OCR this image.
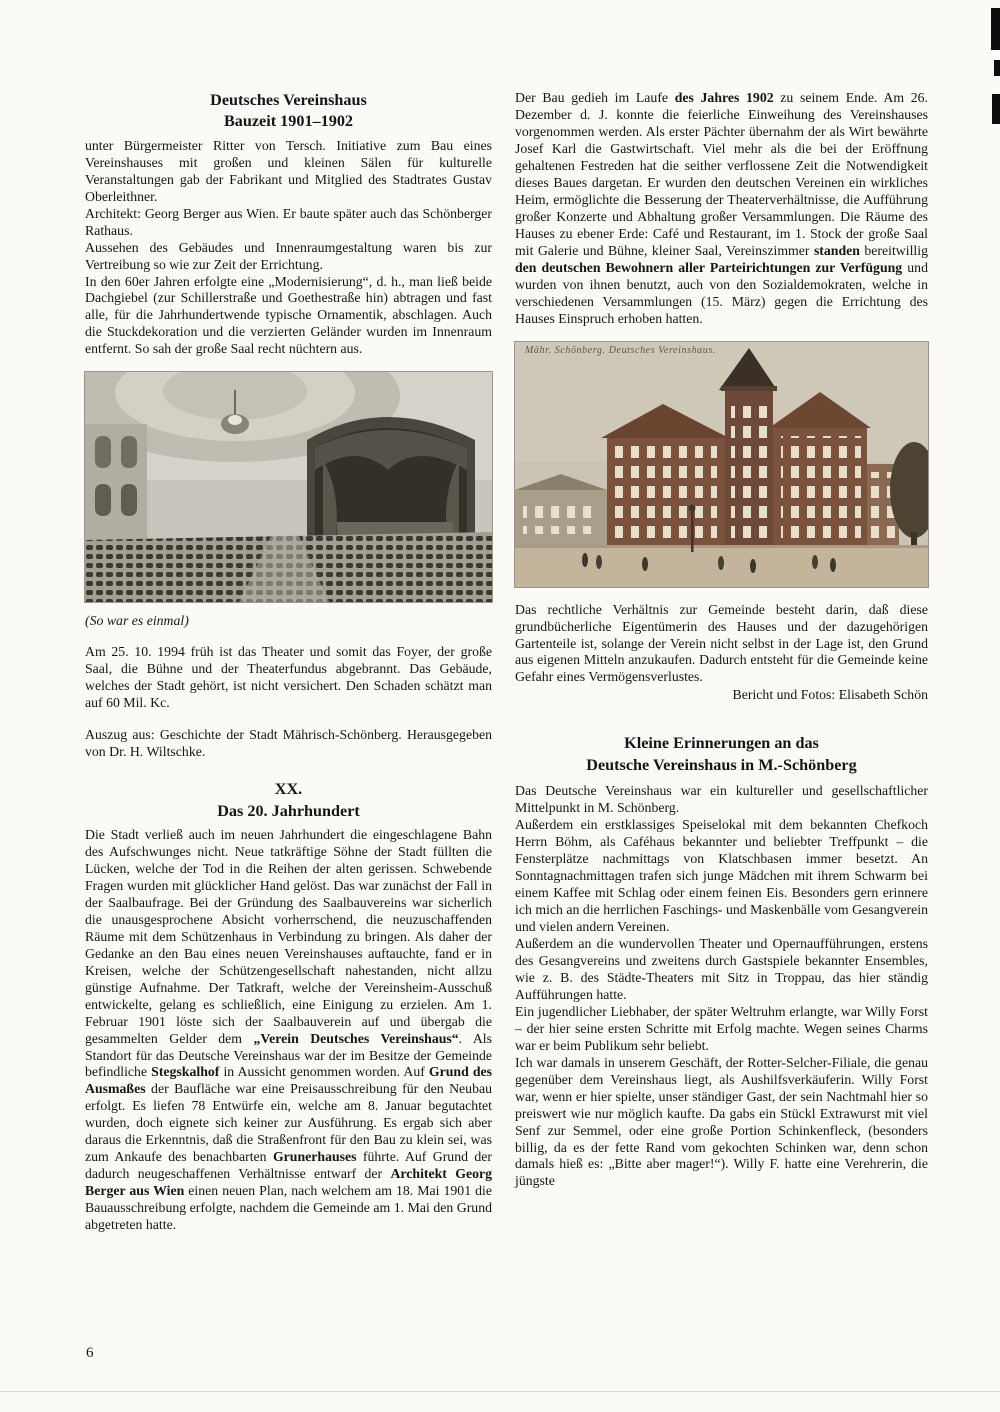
Deutsches Vereinshaus
Bauzeit 1901–1902

unter Bürgermeister Ritter von Tersch. Initiative zum Bau eines Vereinshauses mit großen und kleinen Sälen für kulturelle Veranstaltungen gab der Fabrikant und Mitglied des Stadtrates Gustav Oberleithner.

Architekt: Georg Berger aus Wien. Er baute später auch das Schönberger Rathaus.

Aussehen des Gebäudes und Innenraumgestaltung waren bis zur Vertreibung so wie zur Zeit der Errichtung.

In den 60er Jahren erfolgte eine „Modernisierung“, d. h., man ließ beide Dachgiebel (zur Schillerstraße und Goethestraße hin) abtragen und fast alle, für die Jahrhundertwende typische Ornamentik, abschlagen. Auch die Stuckdekoration und die verzierten Geländer wurden im Innenraum entfernt. So sah der große Saal recht nüchtern aus.

(So war es einmal)

Am 25. 10. 1994 früh ist das Theater und somit das Foyer, der große Saal, die Bühne und der Theaterfundus abgebrannt. Das Gebäude, welches der Stadt gehört, ist nicht versichert. Den Schaden schätzt man auf 60 Mil. Kc.

Auszug aus: Geschichte der Stadt Mährisch-Schönberg. Herausgegeben von Dr. H. Wiltschke.

XX.
Das 20. Jahrhundert

Die Stadt verließ auch im neuen Jahrhundert die eingeschlagene Bahn des Aufschwunges nicht. Neue tatkräftige Söhne der Stadt füllten die Lücken, welche der Tod in die Reihen der alten gerissen. Schwebende Fragen wurden mit glücklicher Hand gelöst. Das war zunächst der Fall in der Saalbaufrage. Bei der Gründung des Saalbauvereins war sicherlich die unausgesprochene Absicht vorherrschend, die neuzuschaffenden Räume mit dem Schützenhaus in Verbindung zu bringen. Als daher der Gedanke an den Bau eines neuen Vereinshauses auftauchte, fand er in Kreisen, welche der Schützengesellschaft nahestanden, nicht allzu günstige Aufnahme. Der Tatkraft, welche der Vereinsheim-Ausschuß entwickelte, gelang es schließlich, eine Einigung zu erzielen. Am 1. Februar 1901 löste sich der Saalbauverein auf und übergab die gesammelten Gelder dem „Verein Deutsches Vereinshaus“. Als Standort für das Deutsche Vereinshaus war der im Besitze der Gemeinde befindliche Stegskalhof in Aussicht genommen worden. Auf Grund des Ausmaßes der Baufläche war eine Preisausschreibung für den Neubau erfolgt. Es liefen 78 Entwürfe ein, welche am 8. Januar begutachtet wurden, doch eignete sich keiner zur Ausführung. Es ergab sich aber daraus die Erkenntnis, daß die Straßenfront für den Bau zu klein sei, was zum Ankaufe des benachbarten Grunerhauses führte. Auf Grund der dadurch neugeschaffenen Verhältnisse entwarf der Architekt Georg Berger aus Wien einen neuen Plan, nach welchem am 18. Mai 1901 die Bauausschreibung erfolgte, nachdem die Gemeinde am 1. Mai den Grund abgetreten hatte.

Der Bau gedieh im Laufe des Jahres 1902 zu seinem Ende. Am 26. Dezember d. J. konnte die feierliche Einweihung des Vereinshauses vorgenommen werden. Als erster Pächter übernahm der als Wirt bewährte Josef Karl die Gastwirtschaft. Viel mehr als die bei der Eröffnung gehaltenen Festreden hat die seither verflossene Zeit die Notwendigkeit dieses Baues dargetan. Er wurden den deutschen Vereinen ein wirkliches Heim, ermöglichte die Besserung der Theaterverhältnisse, die Aufführung großer Konzerte und Abhaltung großer Versammlungen. Die Räume des Hauses zu ebener Erde: Café und Restaurant, im 1. Stock der große Saal mit Galerie und Bühne, kleiner Saal, Vereinszimmer standen bereitwillig den deutschen Bewohnern aller Parteirichtungen zur Verfügung und wurden von ihnen benutzt, auch von den Sozialdemokraten, welche in verschiedenen Versammlungen (15. März) gegen die Errichtung des Hauses Einspruch erhoben hatten.

Mähr. Schönberg. Deutsches Vereinshaus.

Das rechtliche Verhältnis zur Gemeinde besteht darin, daß diese grundbücherliche Eigentümerin des Hauses und der dazugehörigen Gartenteile ist, solange der Verein nicht selbst in der Lage ist, den Grund aus eigenen Mitteln anzukaufen. Dadurch entsteht für die Gemeinde keine Gefahr eines Vermögensverlustes.

Bericht und Fotos: Elisabeth Schön

Kleine Erinnerungen an das
Deutsche Vereinshaus in M.-Schönberg

Das Deutsche Vereinshaus war ein kultureller und gesellschaftlicher Mittelpunkt in M. Schönberg.

Außerdem ein erstklassiges Speiselokal mit dem bekannten Chefkoch Herrn Böhm, als Caféhaus bekannter und beliebter Treffpunkt – die Fensterplätze nachmittags von Klatschbasen immer besetzt. An Sonntagnachmittagen trafen sich junge Mädchen mit ihrem Schwarm bei einem Kaffee mit Schlag oder einem feinen Eis. Besonders gern erinnere ich mich an die herrlichen Faschings- und Maskenbälle vom Gesangverein und vielen andern Vereinen.

Außerdem an die wundervollen Theater und Opernaufführungen, erstens des Gesangvereins und zweitens durch Gastspiele bekannter Ensembles, wie z. B. des Städte-Theaters mit Sitz in Troppau, das hier ständig Aufführungen hatte.

Ein jugendlicher Liebhaber, der später Weltruhm erlangte, war Willy Forst – der hier seine ersten Schritte mit Erfolg machte. Wegen seines Charms war er beim Publikum sehr beliebt.

Ich war damals in unserem Geschäft, der Rotter-Selcher-Filiale, die genau gegenüber dem Vereinshaus liegt, als Aushilfsverkäuferin. Willy Forst war, wenn er hier spielte, unser ständiger Gast, der sein Nachtmahl hier so preiswert wie nur möglich kaufte. Da gabs ein Stückl Extrawurst mit viel Senf zur Semmel, oder eine große Portion Schinkenfleck, (besonders billig, da es der fette Rand vom gekochten Schinken war, denn schon damals hieß es: „Bitte aber mager!“). Willy F. hatte eine Verehrerin, die jüngste

6
